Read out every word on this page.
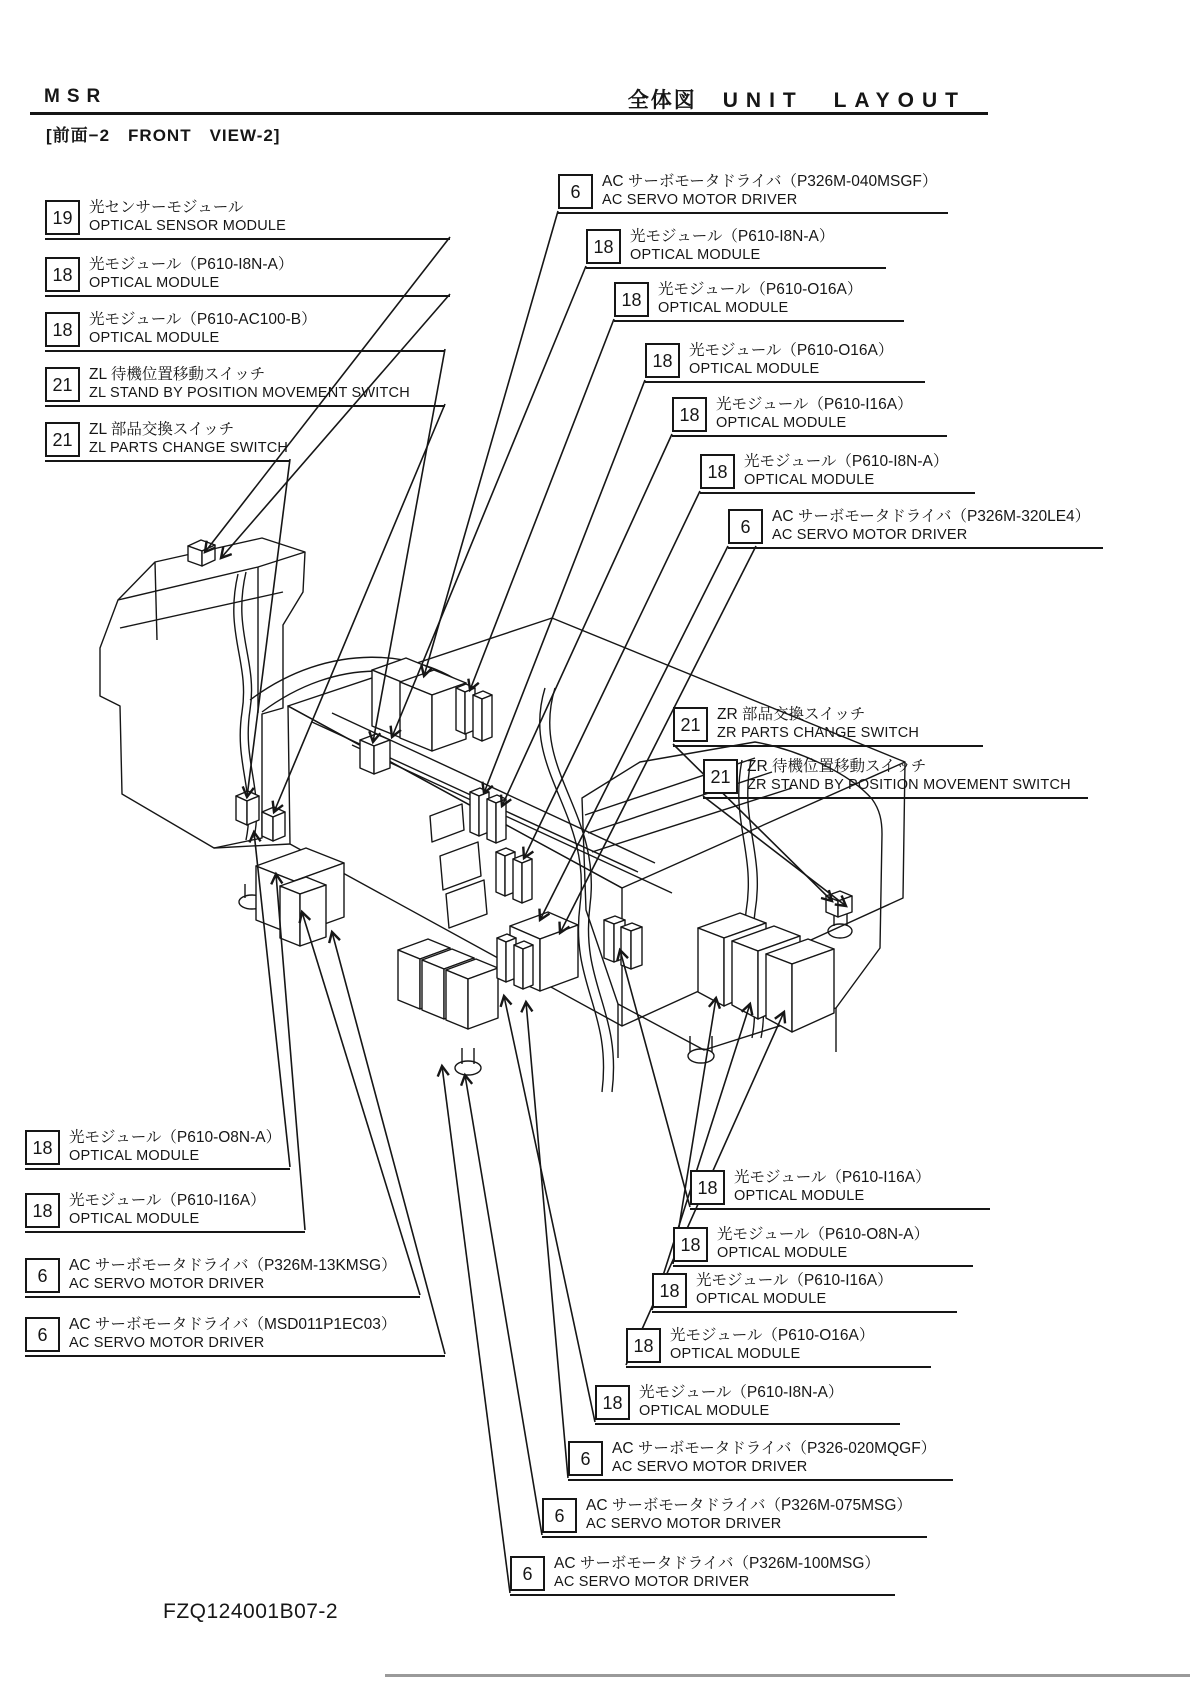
MSR	全体図 UNIT LAYOUT
[前面−2　FRONT　VIEW-2]
19	光センサーモジュール
OPTICAL SENSOR MODULE
18	光モジュール（P610-I8N-A）
OPTICAL MODULE
18	光モジュール（P610-AC100-B）
OPTICAL MODULE
21	ZL 待機位置移動スイッチ
ZL STAND BY POSITION MOVEMENT SWITCH
21	ZL 部品交換スイッチ
ZL PARTS CHANGE SWITCH
6	AC サーボモータドライバ（P326M-040MSGF）
AC SERVO MOTOR DRIVER
18	光モジュール（P610-I8N-A）
OPTICAL MODULE
18	光モジュール（P610-O16A）
OPTICAL MODULE
18	光モジュール（P610-O16A）
OPTICAL MODULE
18	光モジュール（P610-I16A）
OPTICAL MODULE
18	光モジュール（P610-I8N-A）
OPTICAL MODULE
6	AC サーボモータドライバ（P326M-320LE4）
AC SERVO MOTOR DRIVER
21	ZR 部品交換スイッチ
ZR PARTS CHANGE SWITCH
21	ZR 待機位置移動スイッチ
ZR STAND BY POSITION MOVEMENT SWITCH
18	光モジュール（P610-O8N-A）
OPTICAL MODULE
18	光モジュール（P610-I16A）
OPTICAL MODULE
6	AC サーボモータドライバ（P326M-13KMSG）
AC SERVO MOTOR DRIVER
6	AC サーボモータドライバ（MSD011P1EC03）
AC SERVO MOTOR DRIVER
18	光モジュール（P610-I16A）
OPTICAL MODULE
18	光モジュール（P610-O8N-A）
OPTICAL MODULE
18	光モジュール（P610-I16A）
OPTICAL MODULE
18	光モジュール（P610-O16A）
OPTICAL MODULE
18	光モジュール（P610-I8N-A）
OPTICAL MODULE
6	AC サーボモータドライバ（P326-020MQGF）
AC SERVO MOTOR DRIVER
6	AC サーボモータドライバ（P326M-075MSG）
AC SERVO MOTOR DRIVER
6	AC サーボモータドライバ（P326M-100MSG）
AC SERVO MOTOR DRIVER
FZQ124001B07-2
